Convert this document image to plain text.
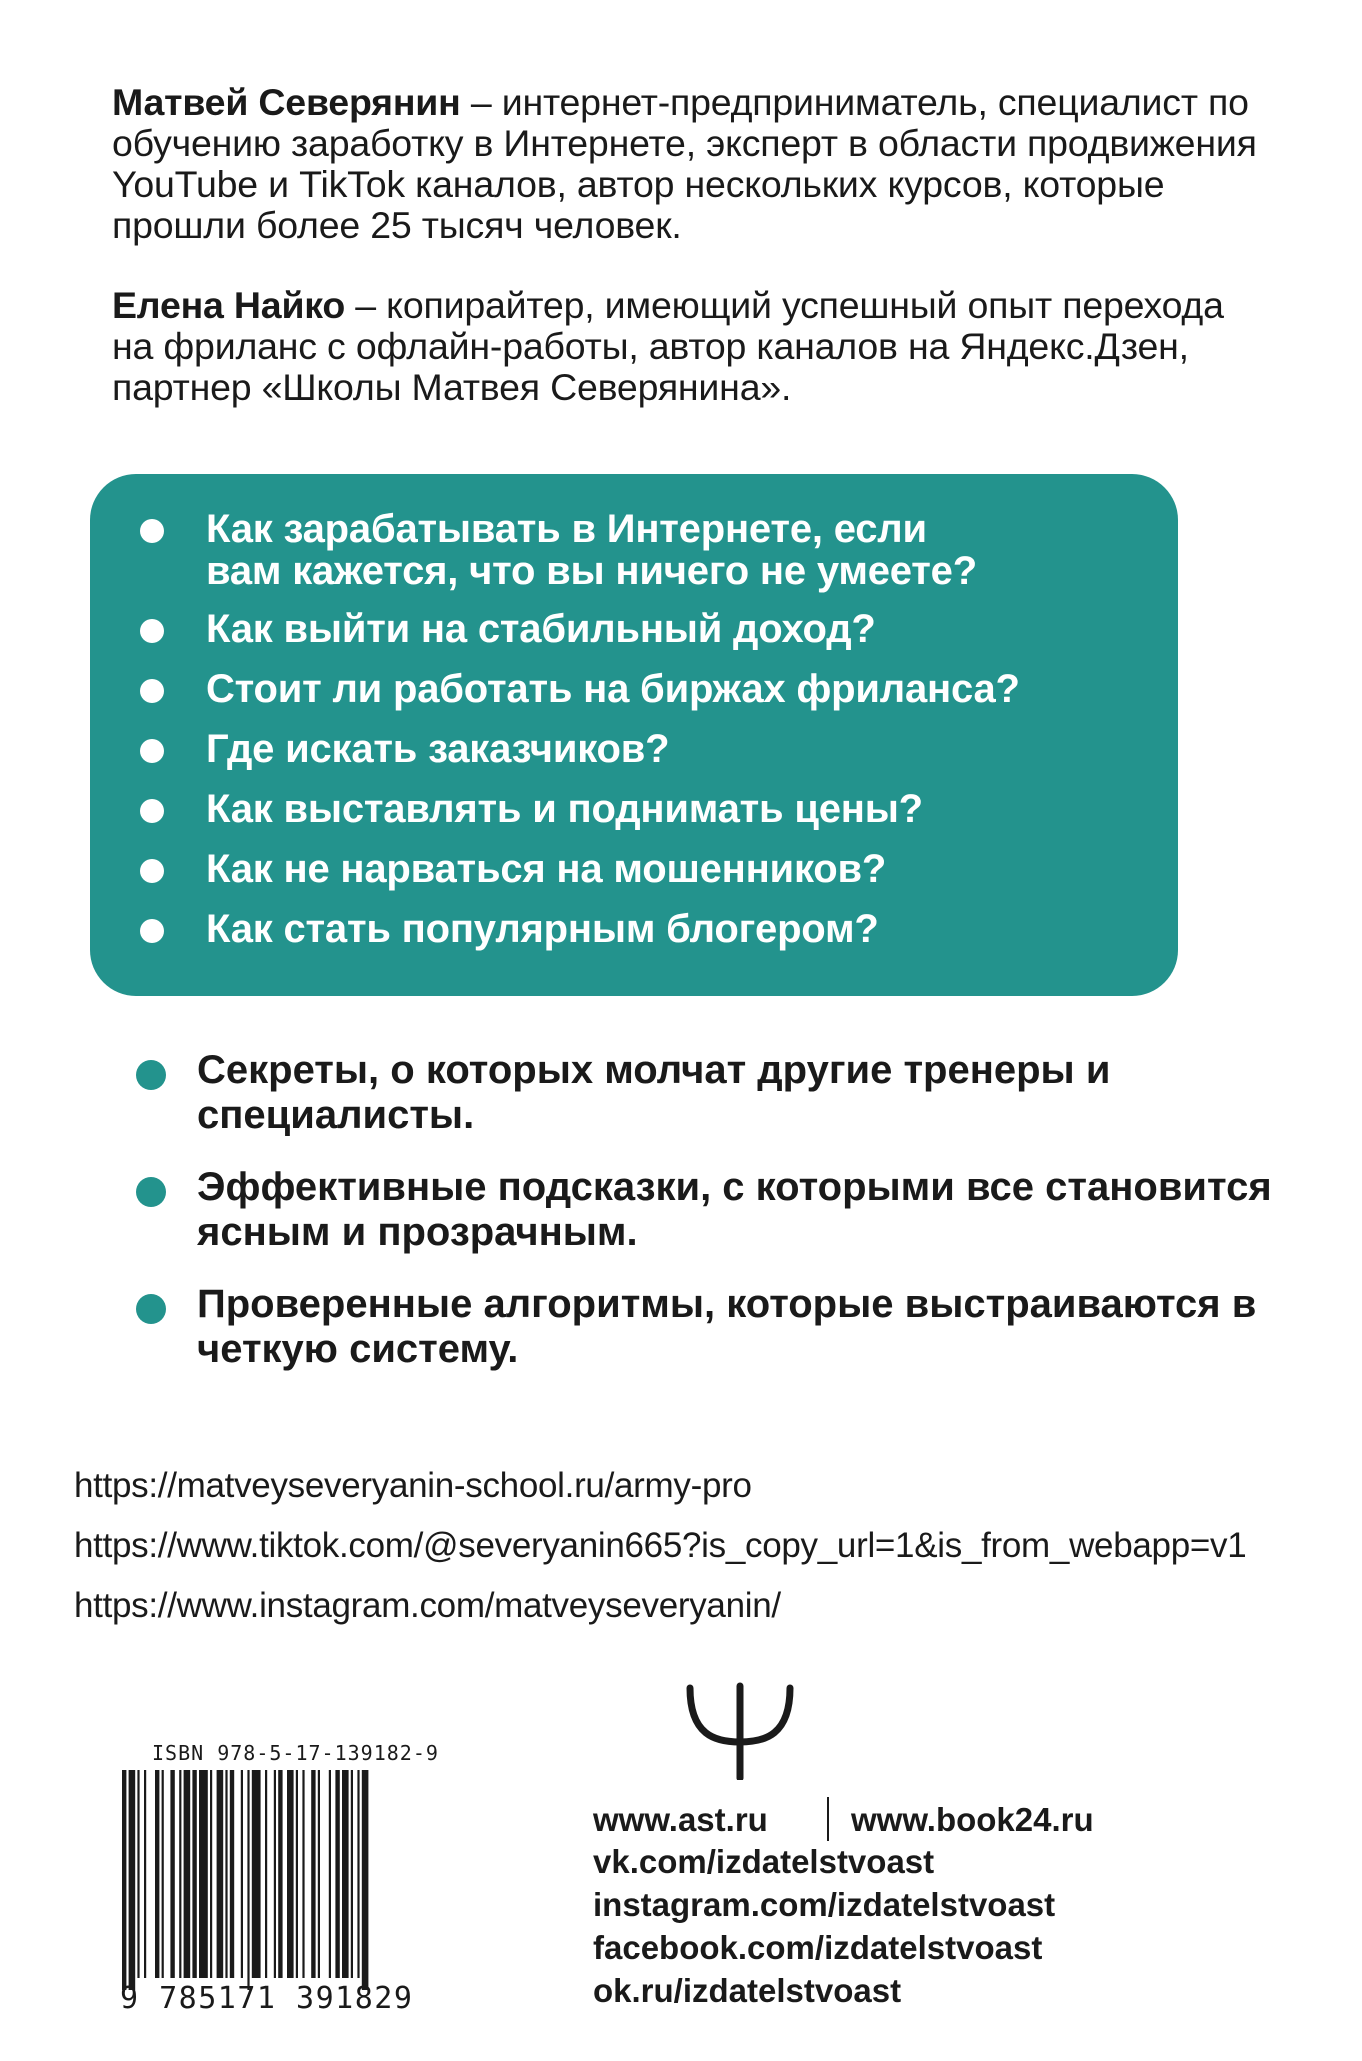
Матвей Северянин – интернет-предприниматель, специалист по обучению заработку в Интернете, эксперт в области продвижения YouTube и TikTok каналов, автор нескольких курсов, которые прошли более 25 тысяч человек.
Елена Найко – копирайтер, имеющий успешный опыт перехода на фриланс с офлайн-работы, автор каналов на Яндекс.Дзен, партнер «Школы Матвея Северянина».
Как зарабатывать в Интернете, если
вам кажется, что вы ничего не умеете?
Как выйти на стабильный доход?
Стоит ли работать на биржах фриланса?
Где искать заказчиков?
Как выставлять и поднимать цены?
Как не нарваться на мошенников?
Как стать популярным блогером?
Секреты, о которых молчат другие тренеры и специалисты.
Эффективные подсказки, с которыми все становится ясным и прозрачным.
Проверенные алгоритмы, которые выстраиваются в четкую систему.
https://matveyseveryanin-school.ru/army-pro
https://www.tiktok.com/@severyanin665?is_copy_url=1&is_from_webapp=v1
https://www.instagram.com/matveyseveryanin/
ISBN 978-5-17-139182-9
9 785171 391829
www.ast.ru	www.book24.ru
vk.com/izdatelstvoast
instagram.com/izdatelstvoast
facebook.com/izdatelstvoast
ok.ru/izdatelstvoast
